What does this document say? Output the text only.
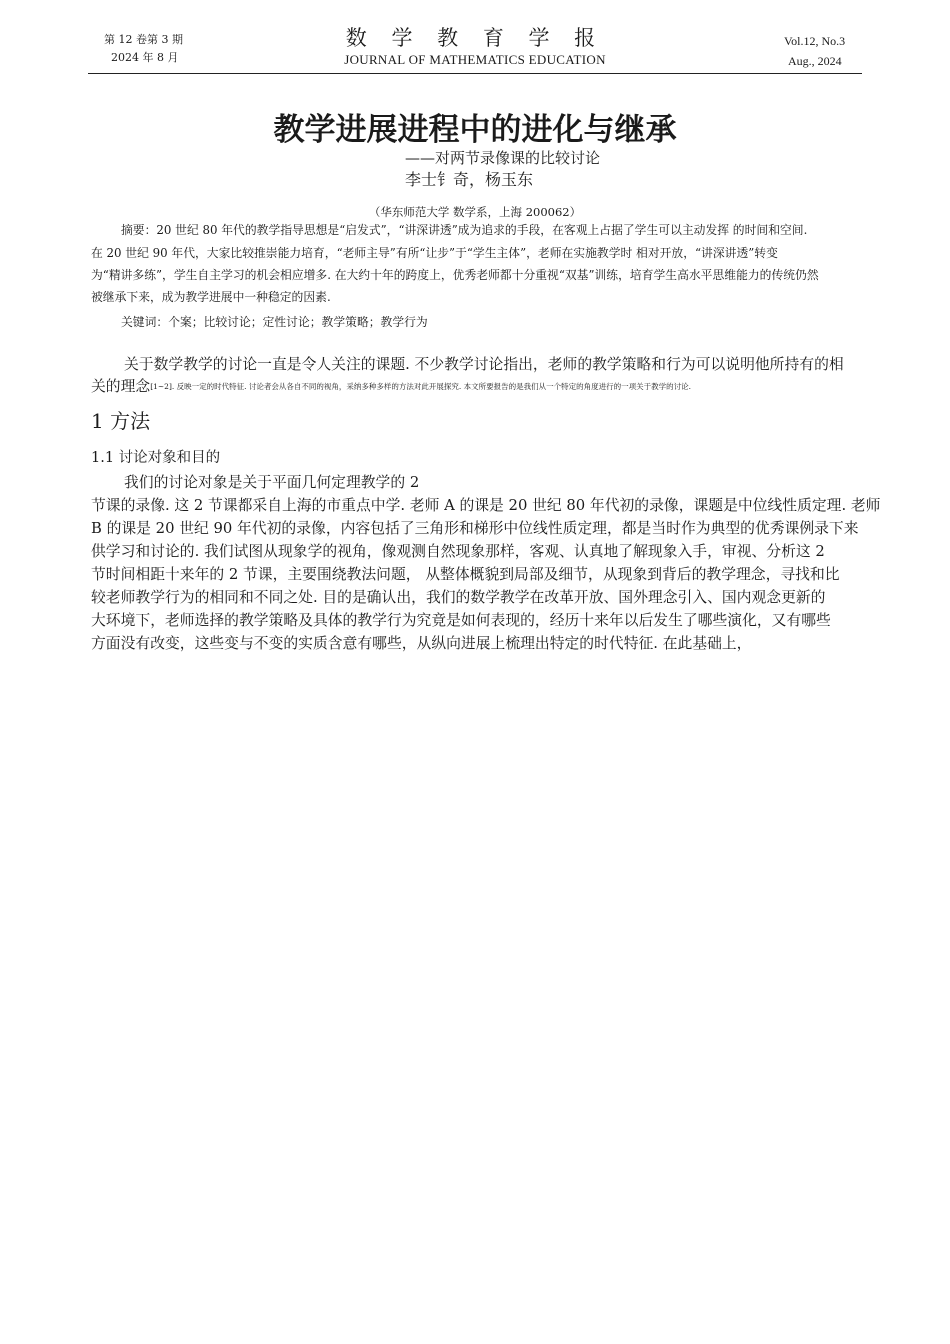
第 12 卷第 3 期
2024 年 8 月
数 学 教 育 学 报
JOURNAL OF MATHEMATICS EDUCATION
Vol.12, No.3
Aug., 2024
教学进展进程中的进化与继承
——对两节录像课的比较讨论
李士钅奇，杨玉东
（华东师范大学 数学系，上海 200062）
摘要：20 世纪 80 年代的教学指导思想是“启发式”，“讲深讲透”成为追求的手段，在客观上占据了学生可以主动发挥 的时间和空间.
在 20 世纪 90 年代，大家比较推崇能力培育，“老师主导”有所“让步”于“学生主体”，老师在实施教学时 相对开放，“讲深讲透”转变
为“精讲多练”，学生自主学习的机会相应增多. 在大约十年的跨度上，优秀老师都十分重视“双基”训练，培育学生高水平思维能力的传统仍然
被继承下来，成为教学进展中一种稳定的因素.
关键词：个案；比较讨论；定性讨论；教学策略；教学行为
关于数学教学的讨论一直是令人关注的课题. 不少教学讨论指出，老师的教学策略和行为可以说明他所持有的相
关的理念[1~2]. 反映一定的时代特征. 讨论者会从各自不同的视角，采纳多种多样的方法对此开展探究. 本文所要报告的是我们从一个特定的角度进行的一项关于教学的讨论.
1 方法
1.1 讨论对象和目的
我们的讨论对象是关于平面几何定理教学的 2
节课的录像. 这 2 节课都采自上海的市重点中学. 老师 A 的课是 20 世纪 80 年代初的录像，课题是中位线性质定理. 老师
B 的课是 20 世纪 90 年代初的录像，内容包括了三角形和梯形中位线性质定理，都是当时作为典型的优秀课例录下来
供学习和讨论的. 我们试图从现象学的视角，像观测自然现象那样，客观、认真地了解现象入手，审视、分析这 2
节时间相距十来年的 2 节课，主要围绕教法问题， 从整体概貌到局部及细节，从现象到背后的教学理念，寻找和比
较老师教学行为的相同和不同之处. 目的是确认出，我们的数学教学在改革开放、国外理念引入、国内观念更新的
大环境下，老师选择的教学策略及具体的教学行为究竟是如何表现的，经历十来年以后发生了哪些演化，又有哪些
方面没有改变，这些变与不变的实质含意有哪些，从纵向进展上梳理出特定的时代特征. 在此基础上，
